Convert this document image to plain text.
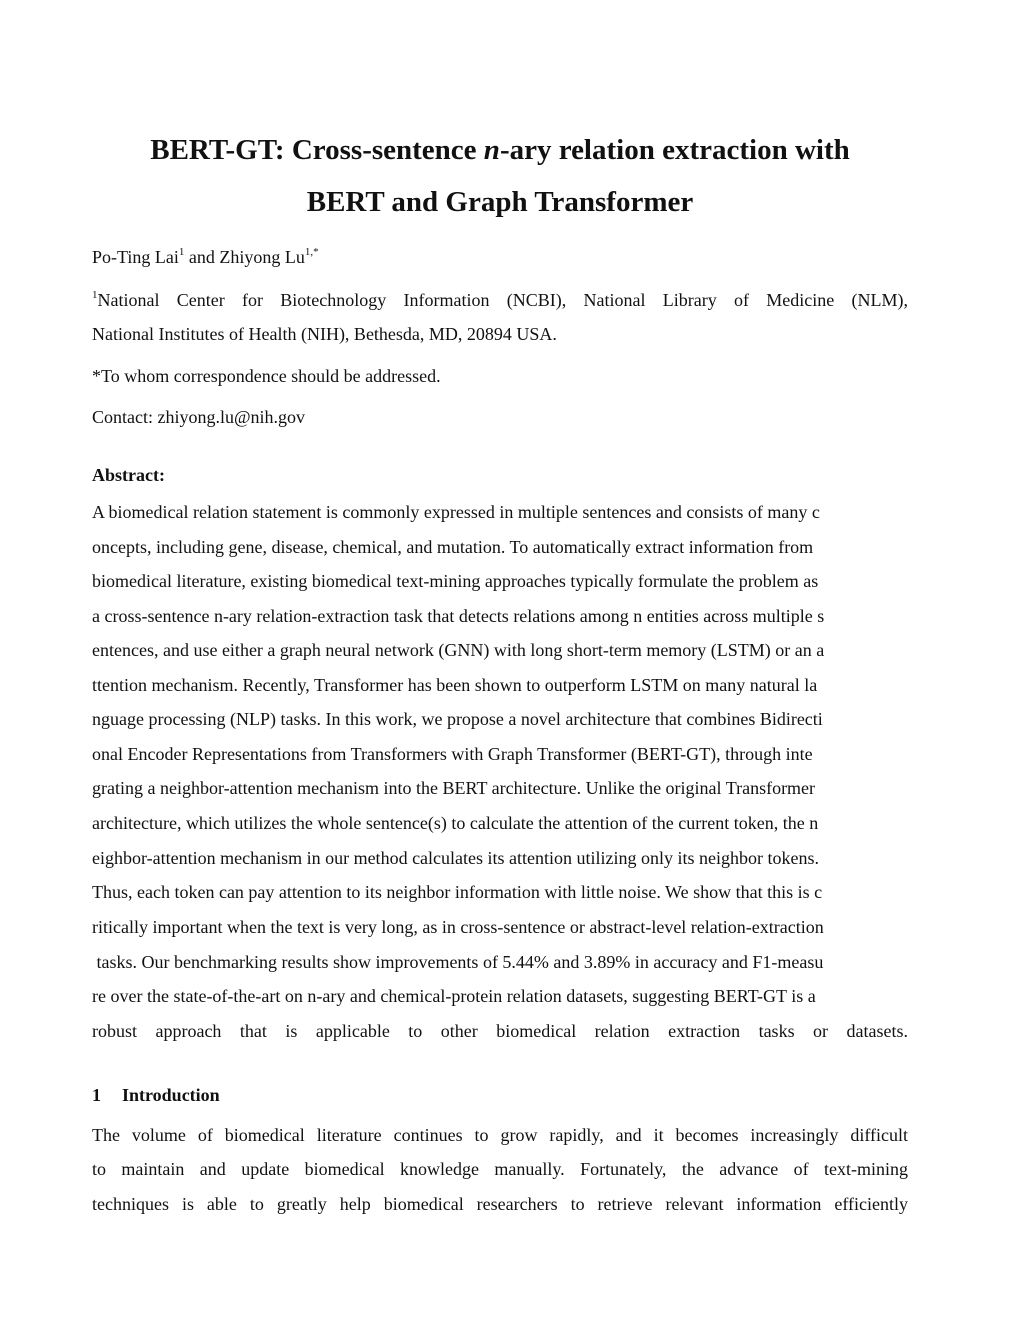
BERT-GT: Cross-sentence n-ary relation extraction with
BERT and Graph Transformer
Po-Ting Lai$^1$ and Zhiyong $Lu^{1,*}$
$^1$National Center for Biotechnology Information (NCBI), National Library of Medicine (NLM),
National Institutes of Health (NIH), Bethesda, MD, 20894 USA.
*To whom correspondence should be addressed.
Contact: zhiyong.lu@nih.gov
Abstract:
A biomedical relation statement is commonly expressed in multiple sentences and consists of many c
oncepts, including gene, disease, chemical, and mutation. To automatically extract information from
biomedical literature, existing biomedical text-mining approaches typically formulate the problem as
a cross-sentence n-ary relation-extraction task that detects relations among n entities across multiple s
entences, and use either a graph neural network (GNN) with long short-term memory (LSTM) or an a
ttention mechanism. Recently, Transformer has been shown to outperform LSTM on many natural la
nguage processing (NLP) tasks. In this work, we propose a novel architecture that combines Bidirecti
onal Encoder Representations from Transformers with Graph Transformer (BERT-GT), through inte
grating a neighbor-attention mechanism into the BERT architecture. Unlike the original Transformer
architecture, which utilizes the whole sentence(s) to calculate the attention of the current token, the n
eighbor-attention mechanism in our method calculates its attention utilizing only its neighbor tokens.
Thus, each token can pay attention to its neighbor information with little noise. We show that this is c
ritically important when the text is very long, as in cross-sentence or abstract-level relation-extraction
tasks. Our benchmarking results show improvements of 5.44% and 3.89% in accuracy and F1-measu
re over the state-of-the-art on n-ary and chemical-protein relation datasets, suggesting BERT-GT is a
robust approach that is applicable to other biomedical relation extraction tasks or datasets.
1 Introduction
The volume of biomedical literature continues to grow rapidly, and it becomes increasingly difficult
to maintain and update biomedical knowledge manually. Fortunately, the advance of text-mining
techniques is able to greatly help biomedical researchers to retrieve relevant information efficiently
